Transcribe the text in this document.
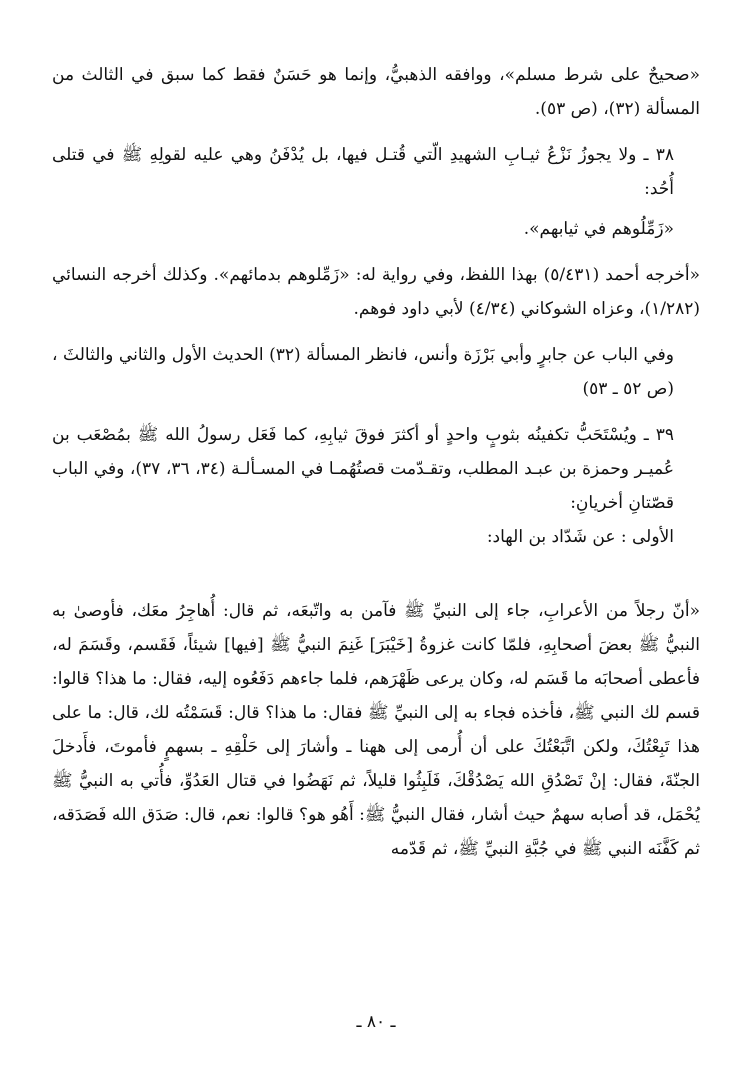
«صحيحٌ على شرط مسلم»، ووافقه الذهبيُّ، وإنما هو حَسَنٌ فقط كما سبق في الثالث من المسألة (٣٢)، (ص ٥٣).

٣٨ ـ ولا يجوزُ نَزْعُ ثيـابِ الشهيدِ الّتي قُتـل فيها، بل يُدْفَنُ وهي عليه لقولِهِ ﷺ في قتلى أُحُد:

«زَمِّلُوهم في ثيابهم».

«أخرجه أحمد (٥/٤٣١) بهذا اللفظ، وفي رواية له: «زَمِّلوهم بدمائهم». وكذلك أخرجه النسائي (١/٢٨٢)، وعزاه الشوكاني (٤/٣٤) لأبي داود فوهم.

وفي الباب عن جابرٍ وأبي بَرْزَة وأنس، فانظر المسألة (٣٢) الحديث الأول والثاني والثالثَ ، (ص ٥٢ ـ ٥٣)

٣٩ ـ ويُسْتَحَبُّ تكفينُه بثوبٍ واحدٍ أو أكثرَ فوقَ ثيابِهِ، كما فَعَل رسولُ الله ﷺ بمُصْعَب بن عُميـر وحمزة بن عبـد المطلب، وتقـدّمت قصتُهُمـا في المسـألـة (٣٤، ٣٦، ٣٧)، وفي الباب قصّتانِ أخريانِ:

الأولى : عن شَدّاد بن الهاد:

«أنّ رجلاً من الأعرابِ، جاء إلى النبيِّ ﷺ فآمن به واتّبعَه، ثم قال: أُهاجِرُ معَك، فأوصىٰ به النبيُّ ﷺ بعضَ أصحابِهِ، فلمّا كانت غزوةُ [خَيْبَرَ] غَنِمَ النبيُّ ﷺ [فيها] شيئاً، فَقَسم، وقَسَمَ له، فأعطى أصحابَه ما قَسَم له، وكان يرعى ظَهْرَهم، فلما جاءهم دَفَعُوه إليه، فقال: ما هذا؟ قالوا: قسم لك النبي ﷺ، فأخذه فجاء به إلى النبيِّ ﷺ فقال: ما هذا؟ قال: قَسَمْتُه لك، قال: ما على هذا تَبِعْتُكَ، ولكن اتَّبَعْتُكَ على أن أُرمى إلى ههنا ـ وأشارَ إلى حَلْقِهِ ـ بسهمٍ فأموتَ، فأَدخلَ الجنّةَ، فقال: إنْ تَصْدُقِ الله يَصْدُقْكَ، فَلَبِثُوا قليلاً، ثم نَهَضُوا في قتال العَدُوِّ، فأُتي به النبيُّ ﷺ يُحْمَل، قد أصابه سهمٌ حيث أشار، فقال النبيُّ ﷺ: أَهُو هو؟ قالوا: نعم، قال: صَدَق الله فَصَدَقه، ثم كَفَّنَه النبي ﷺ في جُبَّةِ النبيِّ ﷺ، ثم قَدّمه

ـ ٨٠ ـ
